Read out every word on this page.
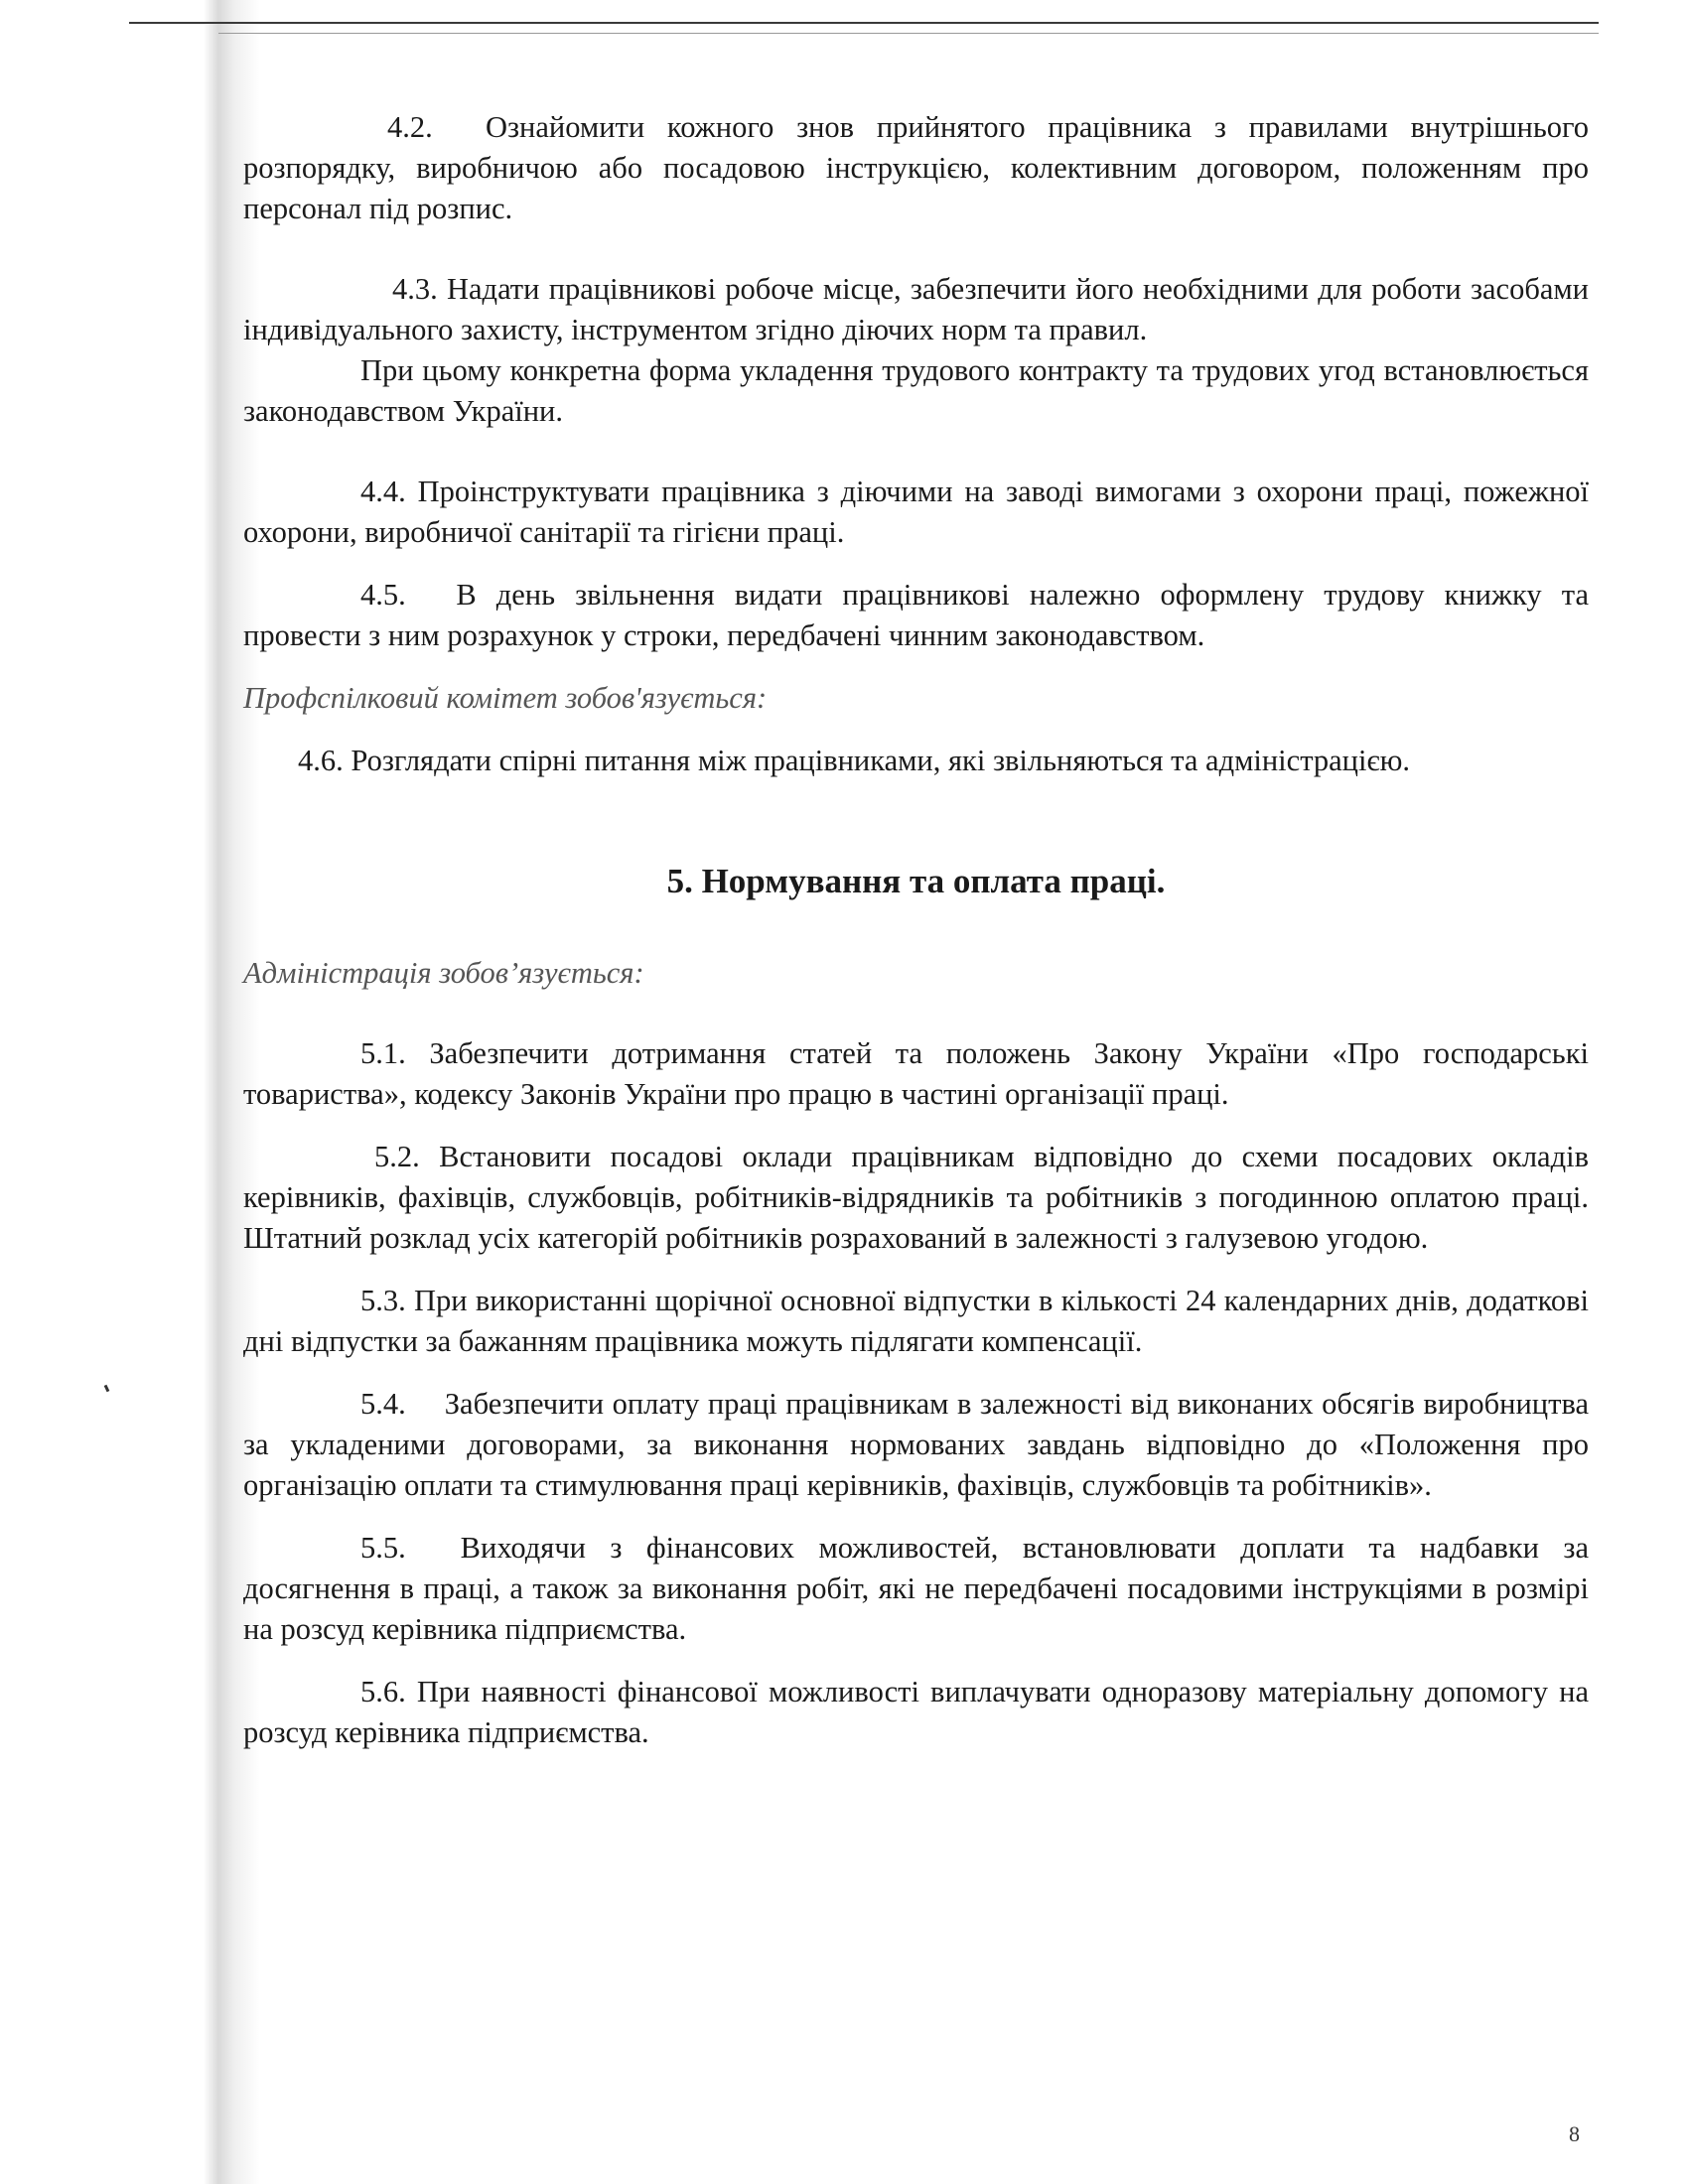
4.2.  Ознайомити кожного знов прийнятого працівника з правилами внутрішнього розпорядку, виробничою або посадовою інструкцією, колективним договором, положенням про персонал під розпис.

4.3. Надати працівникові робоче місце, забезпечити його необхідними для роботи засобами індивідуального захисту, інструментом згідно діючих норм та правил.

При цьому конкретна форма укладення трудового контракту та трудових угод встановлюється законодавством України.

4.4. Проінструктувати працівника з діючими на заводі вимогами з охорони праці, пожежної охорони, виробничої санітарії та гігієни праці.

4.5.  В день звільнення видати працівникові належно оформлену трудову книжку та провести з ним розрахунок у строки, передбачені чинним законодавством.

Профспілковий комітет зобов'язується:

4.6. Розглядати спірні питання між працівниками, які звільняються та адміністрацією.

5. Нормування та оплата праці.

Адміністрація зобов’язується:

5.1. Забезпечити дотримання статей та положень Закону України «Про господарські товариства», кодексу Законів України про працю в частині організації праці.

5.2. Встановити посадові оклади працівникам відповідно до схеми посадових окладів керівників, фахівців, службовців, робітників-відрядників та робітників з погодинною оплатою праці. Штатний розклад усіх категорій робітників розрахований в залежності з галузевою угодою.

5.3. При використанні щорічної основної відпустки в кількості 24 календарних днів, додаткові дні відпустки за бажанням працівника можуть підлягати компенсації.

5.4.  Забезпечити оплату праці працівникам в залежності від виконаних обсягів виробництва за укладеними договорами, за виконання нормованих завдань відповідно до «Положення про організацію оплати та стимулювання праці керівників, фахівців, службовців та робітників».

5.5.  Виходячи з фінансових можливостей, встановлювати доплати та надбавки за досягнення в праці, а також за виконання робіт, які не передбачені посадовими інструкціями в розмірі на розсуд керівника підприємства.

5.6. При наявності фінансової можливості виплачувати одноразову матеріальну допомогу на розсуд керівника підприємства.

8
